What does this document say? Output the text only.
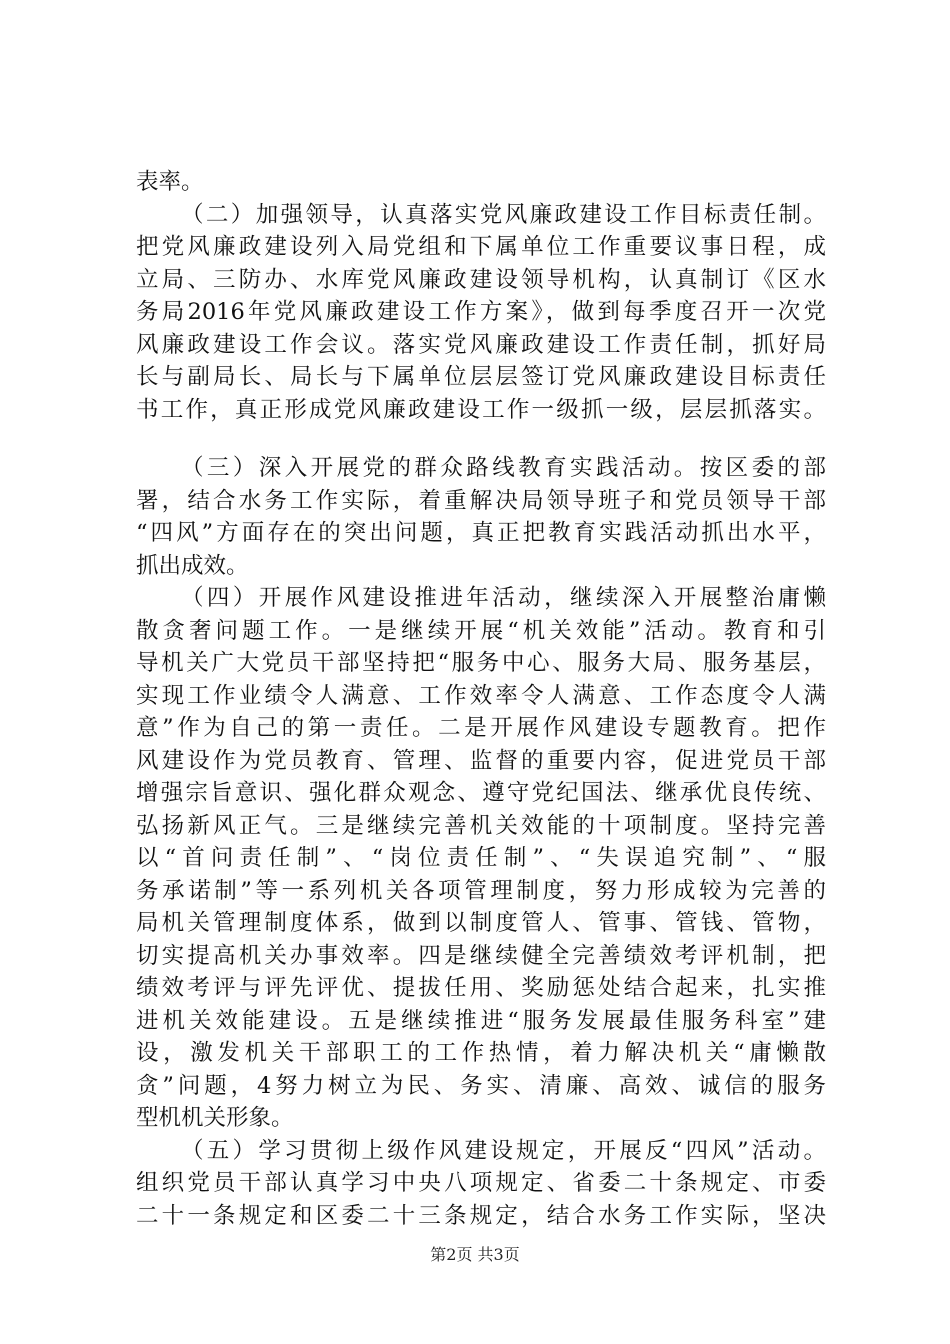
表率。
（二）加强领导，认真落实党风廉政建设工作目标责任制。
把党风廉政建设列入局党组和下属单位工作重要议事日程，成
立局、三防办、水库党风廉政建设领导机构，认真制订《区水
务局2016年党风廉政建设工作方案》，做到每季度召开一次党
风廉政建设工作会议。落实党风廉政建设工作责任制，抓好局
长与副局长、局长与下属单位层层签订党风廉政建设目标责任
书工作，真正形成党风廉政建设工作一级抓一级，层层抓落实。
（三）深入开展党的群众路线教育实践活动。按区委的部
署，结合水务工作实际，着重解决局领导班子和党员领导干部
“四风”方面存在的突出问题，真正把教育实践活动抓出水平，
抓出成效。
（四）开展作风建设推进年活动，继续深入开展整治庸懒
散贪奢问题工作。一是继续开展“机关效能”活动。教育和引
导机关广大党员干部坚持把“服务中心、服务大局、服务基层，
实现工作业绩令人满意、工作效率令人满意、工作态度令人满
意”作为自己的第一责任。二是开展作风建设专题教育。把作
风建设作为党员教育、管理、监督的重要内容，促进党员干部
增强宗旨意识、强化群众观念、遵守党纪国法、继承优良传统、
弘扬新风正气。三是继续完善机关效能的十项制度。坚持完善
以“首问责任制”、“岗位责任制”、“失误追究制”、“服
务承诺制”等一系列机关各项管理制度，努力形成较为完善的
局机关管理制度体系，做到以制度管人、管事、管钱、管物，
切实提高机关办事效率。四是继续健全完善绩效考评机制，把
绩效考评与评先评优、提拔任用、奖励惩处结合起来，扎实推
进机关效能建设。五是继续推进“服务发展最佳服务科室”建
设，激发机关干部职工的工作热情，着力解决机关“庸懒散
贪”问题，4努力树立为民、务实、清廉、高效、诚信的服务
型机机关形象。
（五）学习贯彻上级作风建设规定，开展反“四风”活动。
组织党员干部认真学习中央八项规定、省委二十条规定、市委
二十一条规定和区委二十三条规定，结合水务工作实际，坚决
第2页 共3页
